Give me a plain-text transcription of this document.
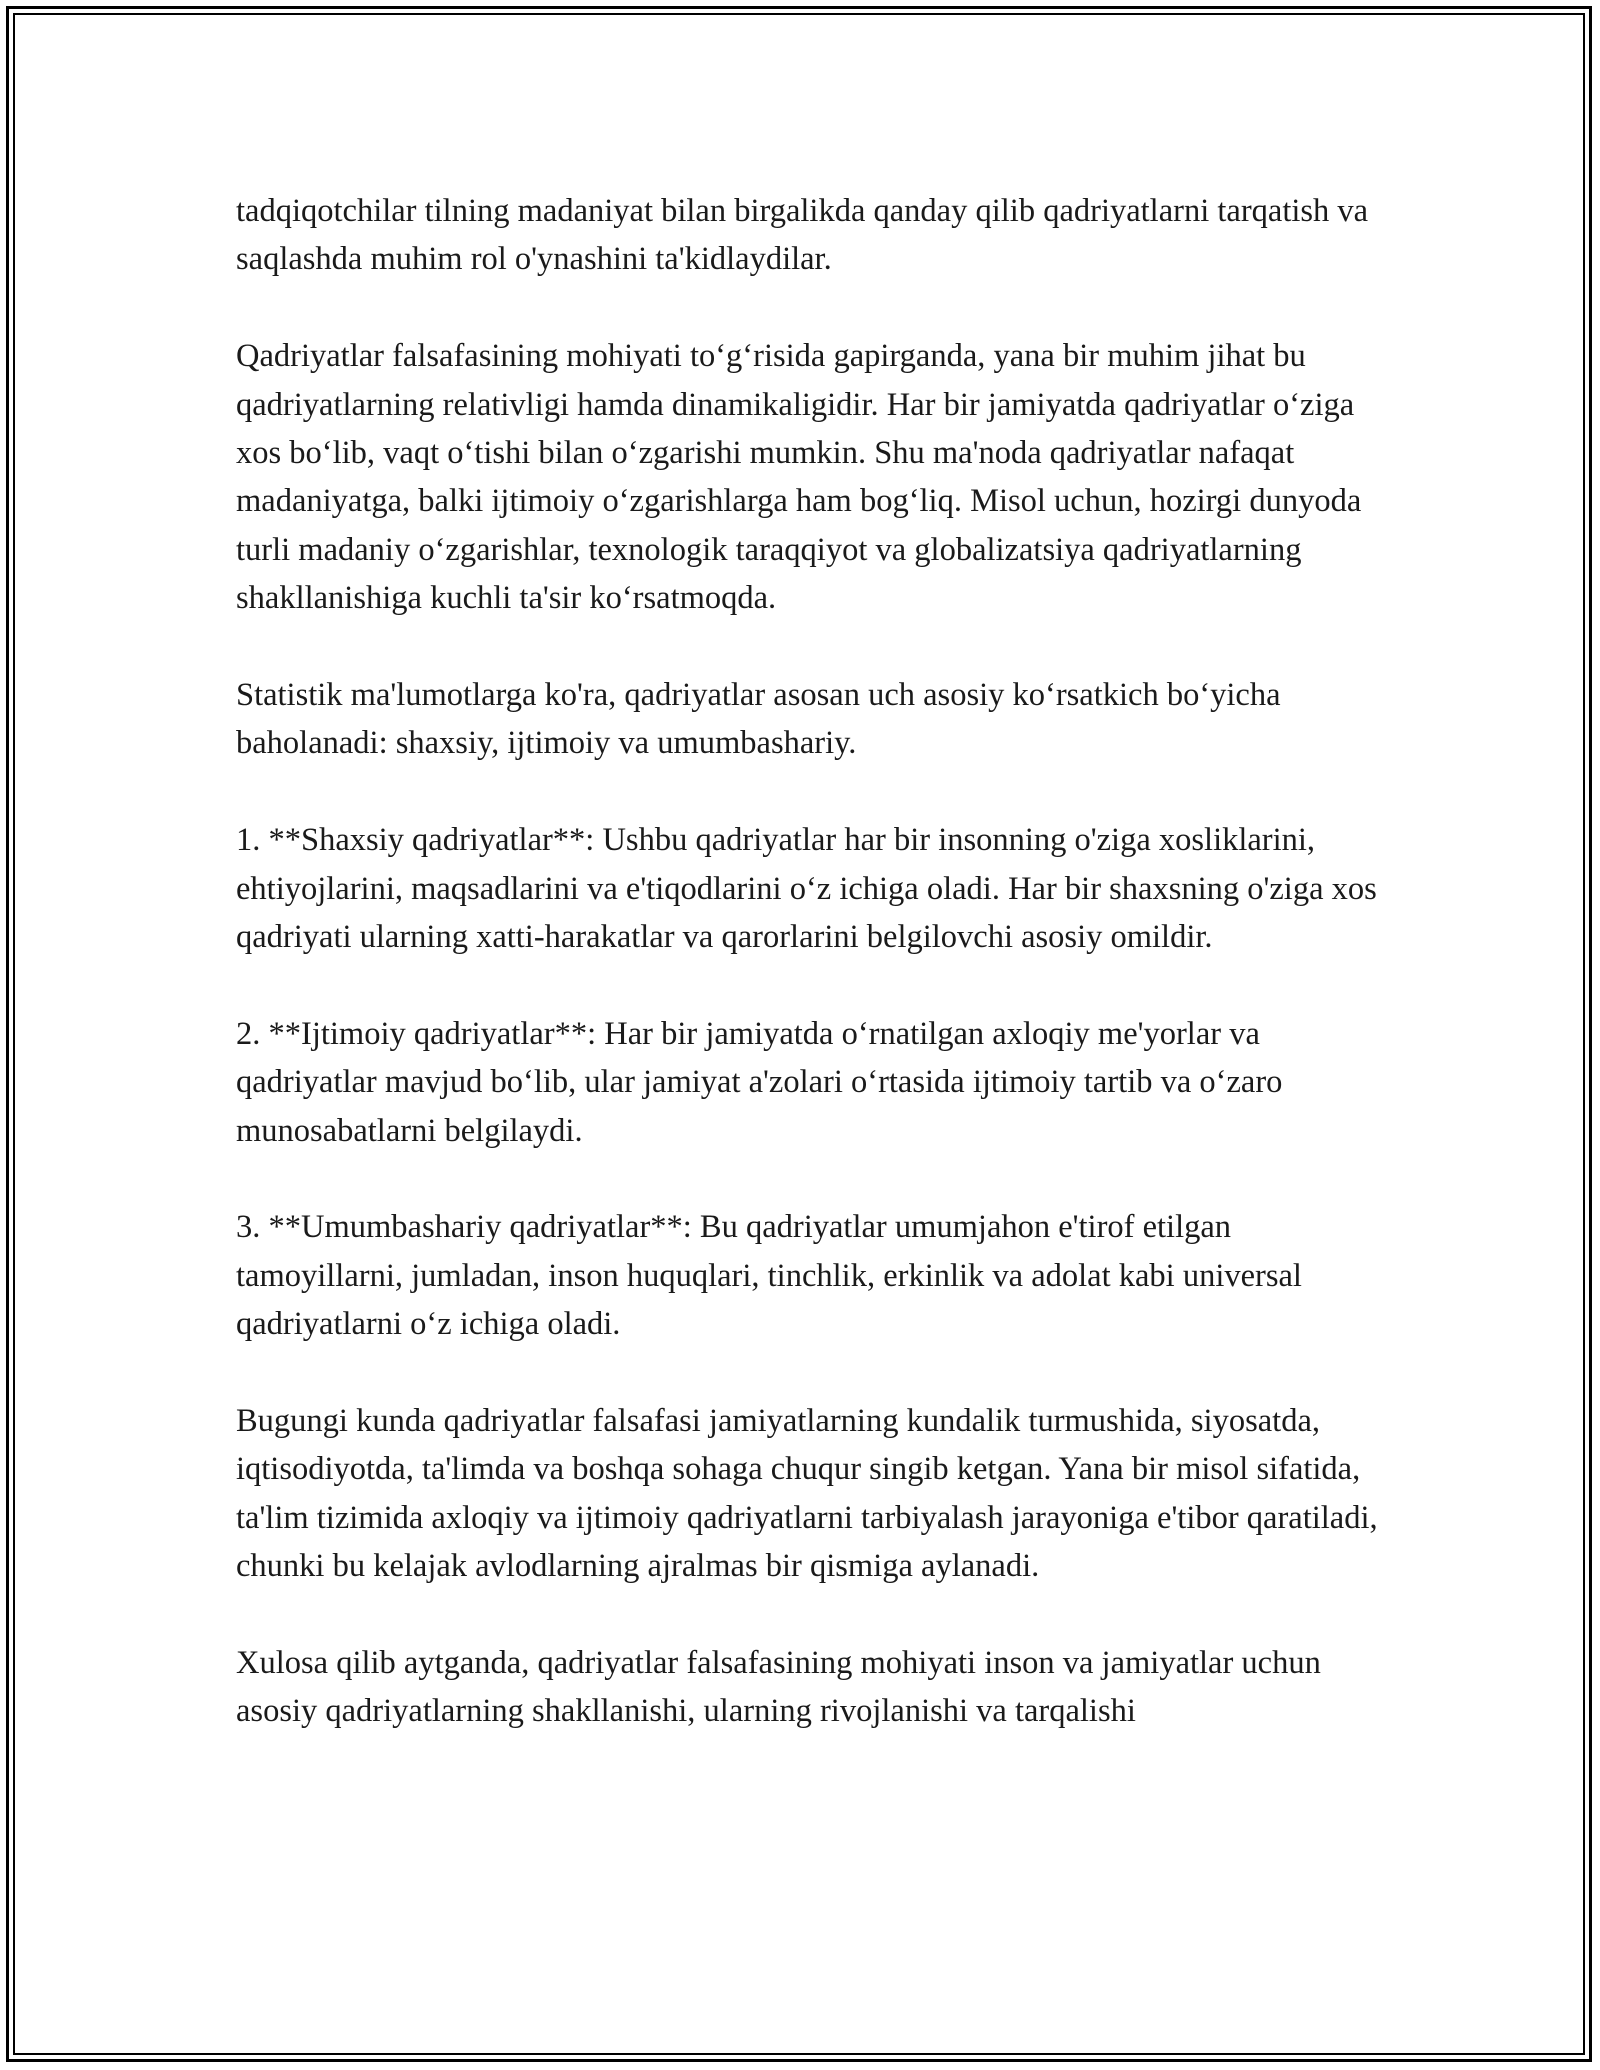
tadqiqotchilar tilning madaniyat bilan birgalikda qanday qilib qadriyatlarni tarqatish va saqlashda muhim rol o'ynashini ta'kidlaydilar.

Qadriyatlar falsafasining mohiyati to‘g‘risida gapirganda, yana bir muhim jihat bu qadriyatlarning relativligi hamda dinamikaligidir. Har bir jamiyatda qadriyatlar o‘ziga xos bo‘lib, vaqt o‘tishi bilan o‘zgarishi mumkin. Shu ma'noda qadriyatlar nafaqat madaniyatga, balki ijtimoiy o‘zgarishlarga ham bog‘liq. Misol uchun, hozirgi dunyoda turli madaniy o‘zgarishlar, texnologik taraqqiyot va globalizatsiya qadriyatlarning shakllanishiga kuchli ta'sir ko‘rsatmoqda.

Statistik ma'lumotlarga ko'ra, qadriyatlar asosan uch asosiy ko‘rsatkich bo‘yicha baholanadi: shaxsiy, ijtimoiy va umumbashariy.

1. **Shaxsiy qadriyatlar**: Ushbu qadriyatlar har bir insonning o'ziga xosliklarini, ehtiyojlarini, maqsadlarini va e'tiqodlarini o‘z ichiga oladi. Har bir shaxsning o'ziga xos qadriyati ularning xatti-harakatlar va qarorlarini belgilovchi asosiy omildir.

2. **Ijtimoiy qadriyatlar**: Har bir jamiyatda o‘rnatilgan axloqiy me'yorlar va qadriyatlar mavjud bo‘lib, ular jamiyat a'zolari o‘rtasida ijtimoiy tartib va o‘zaro munosabatlarni belgilaydi.

3. **Umumbashariy qadriyatlar**: Bu qadriyatlar umumjahon e'tirof etilgan tamoyillarni, jumladan, inson huquqlari, tinchlik, erkinlik va adolat kabi universal qadriyatlarni o‘z ichiga oladi.

Bugungi kunda qadriyatlar falsafasi jamiyatlarning kundalik turmushida, siyosatda, iqtisodiyotda, ta'limda va boshqa sohaga chuqur singib ketgan. Yana bir misol sifatida, ta'lim tizimida axloqiy va ijtimoiy qadriyatlarni tarbiyalash jarayoniga e'tibor qaratiladi, chunki bu kelajak avlodlarning ajralmas bir qismiga aylanadi.

Xulosa qilib aytganda, qadriyatlar falsafasining mohiyati inson va jamiyatlar uchun asosiy qadriyatlarning shakllanishi, ularning rivojlanishi va tarqalishi
